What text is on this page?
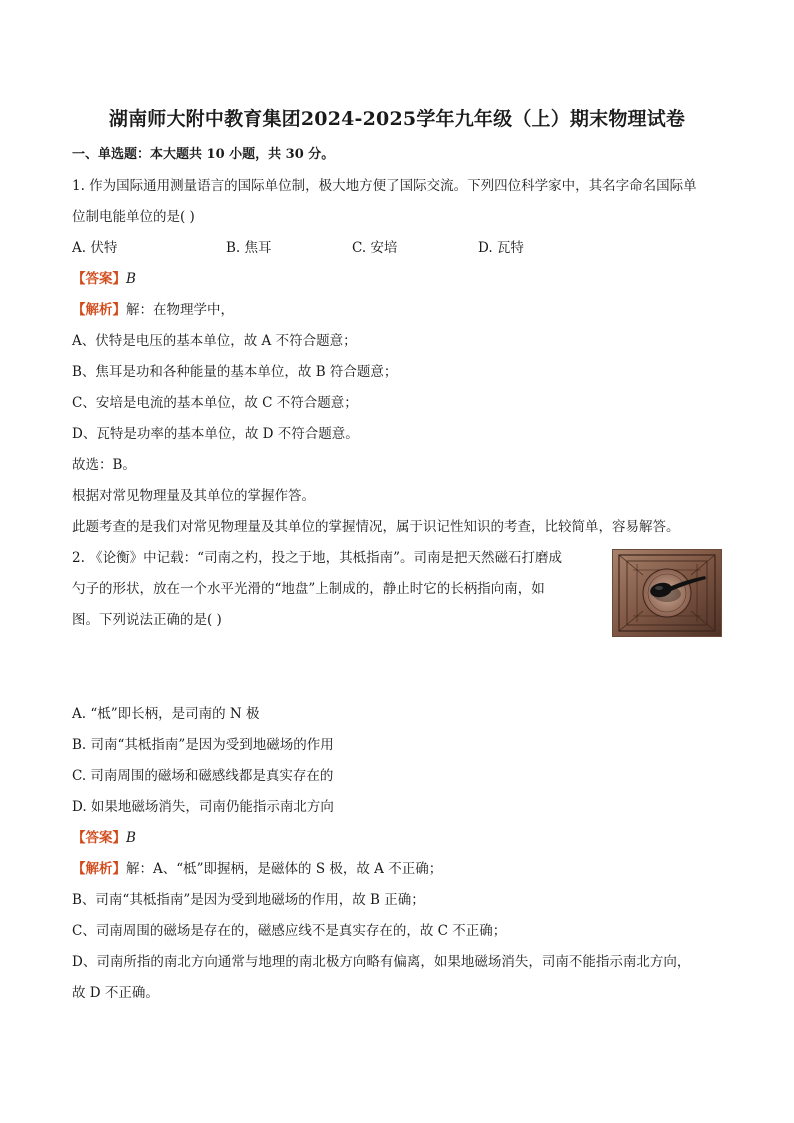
湖南师大附中教育集团2024-2025学年九年级（上）期末物理试卷
一、单选题：本大题共 10 小题，共 30 分。
1. 作为国际通用测量语言的国际单位制，极大地方便了国际交流。下列四位科学家中，其名字命名国际单
位制电能单位的是( )
A. 伏特	B. 焦耳	C. 安培	D. 瓦特
【答案】B
【解析】解：在物理学中，
A、伏特是电压的基本单位，故 A 不符合题意；
B、焦耳是功和各种能量的基本单位，故 B 符合题意；
C、安培是电流的基本单位，故 C 不符合题意；
D、瓦特是功率的基本单位，故 D 不符合题意。
故选：B。
根据对常见物理量及其单位的掌握作答。
此题考查的是我们对常见物理量及其单位的掌握情况，属于识记性知识的考查，比较简单，容易解答。
2. 《论衡》中记载：“司南之杓，投之于地，其柢指南”。司南是把天然磁石打磨成
勺子的形状，放在一个水平光滑的“地盘”上制成的，静止时它的长柄指向南，如
图。下列说法正确的是( )
A. “柢”即长柄，是司南的 N 极
B. 司南“其柢指南”是因为受到地磁场的作用
C. 司南周围的磁场和磁感线都是真实存在的
D. 如果地磁场消失，司南仍能指示南北方向
【答案】B
【解析】解：A、“柢”即握柄，是磁体的 S 极，故 A 不正确；
B、司南“其柢指南”是因为受到地磁场的作用，故 B 正确；
C、司南周围的磁场是存在的，磁感应线不是真实存在的，故 C 不正确；
D、司南所指的南北方向通常与地理的南北极方向略有偏离，如果地磁场消失，司南不能指示南北方向，
故 D 不正确。
